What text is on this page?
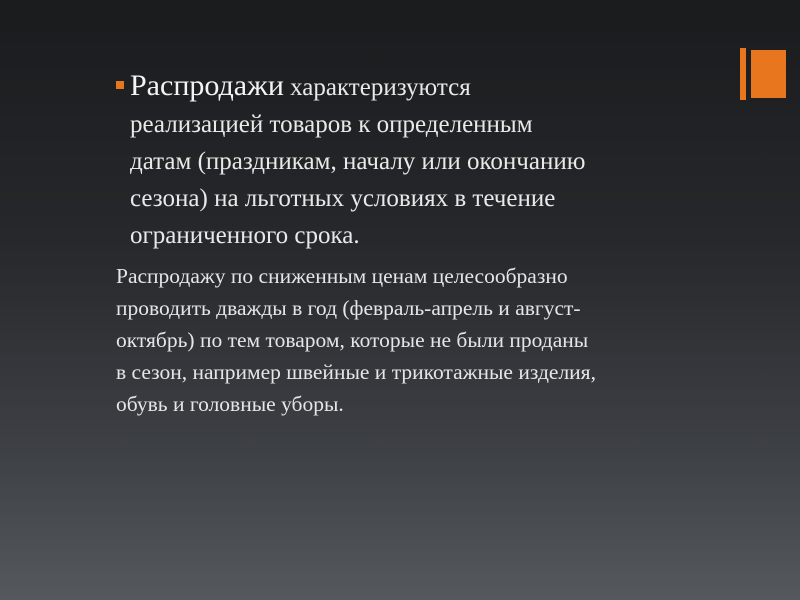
Распродажи характеризуются
реализацией товаров к определенным
датам (праздникам, началу или окончанию
сезона) на льготных условиях в течение
ограниченного срока.
Распродажу по сниженным ценам целесообразно
проводить дважды в год (февраль-апрель и август-
октябрь) по тем товаром, которые не были проданы
в сезон, например швейные и трикотажные изделия,
обувь и головные уборы.
